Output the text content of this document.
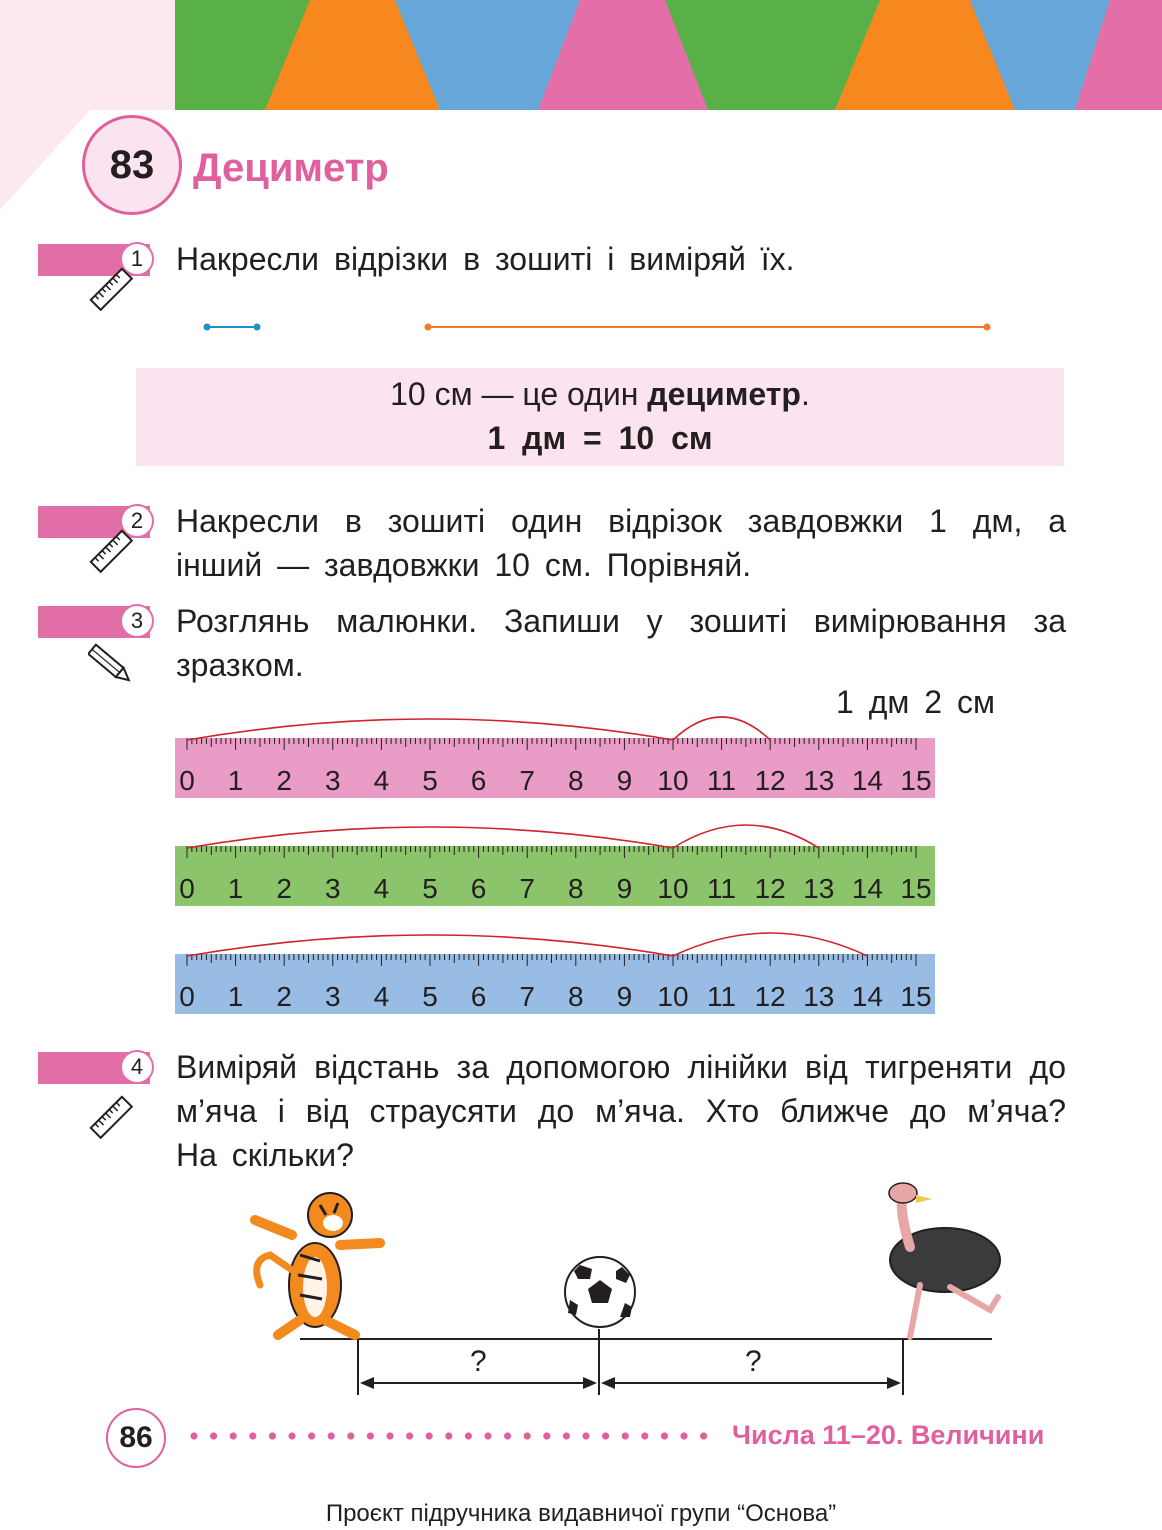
83 Дециметр
1	Накресли відрізки в зошиті і виміряй їх.
10 см — це один дециметр.
1 дм = 10 см
2	Накресли в зошиті один відрізок завдовжки 1 дм, а інший — завдовжки 10 см. Порівняй.
3	Розглянь малюнки. Запиши у зошиті вимірювання за зразком.
1 дм 2 см
0 1 2 3 4 5 6 7 8 9 10 11 12 13 14 15
0 1 2 3 4 5 6 7 8 9 10 11 12 13 14 15
0 1 2 3 4 5 6 7 8 9 10 11 12 13 14 15
4	Виміряй відстань за допомогою лінійки від тигреняти до м’яча і від страусяти до м’яча. Хто ближче до м’яча? На скільки?
?	?
86	Числа 11–20. Величини
Проєкт підручника видавничої групи “Основа”
